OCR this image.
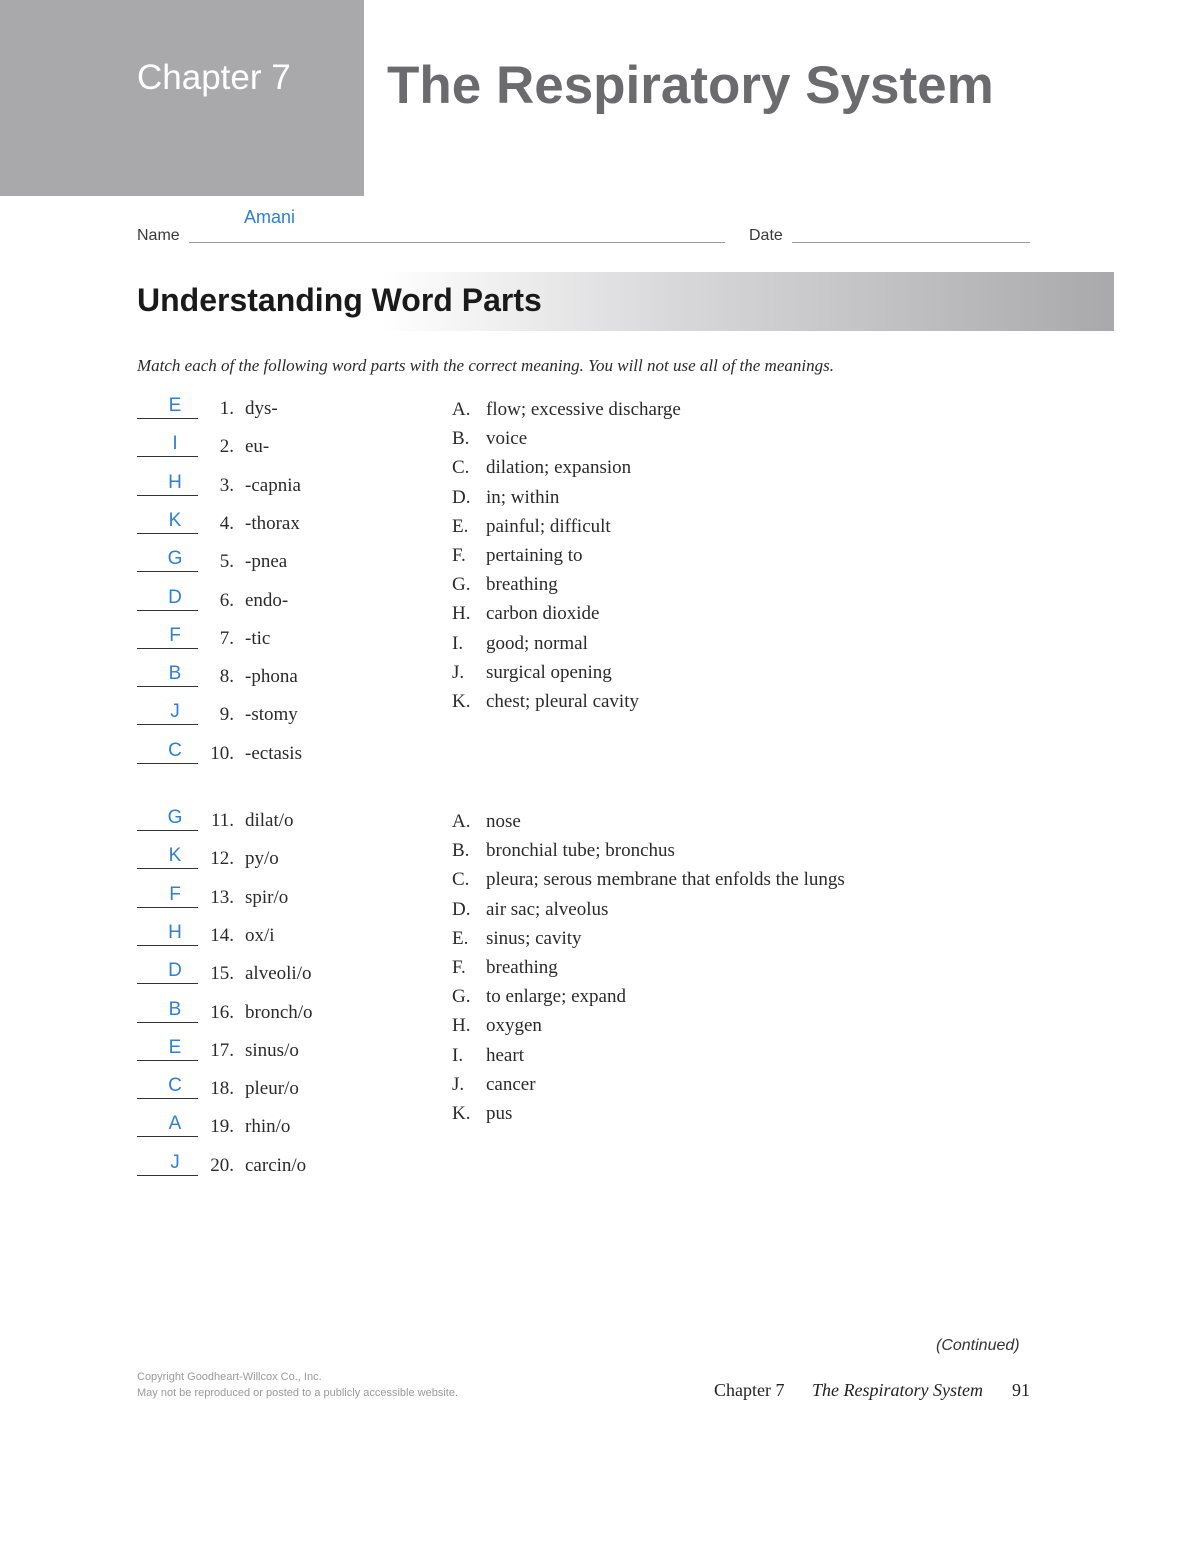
Chapter 7 The Respiratory System
Name
Amani
Date
Understanding Word Parts
Match each of the following word parts with the correct meaning. You will not use all of the meanings.
E	1. dys-
I	2. eu-
H	3. -capnia
K	4. -thorax
G	5. -pnea
D	6. endo-
F	7. -tic
B	8. -phona
J	9. -stomy
C	10. -ectasis
A. flow; excessive discharge
B. voice
C. dilation; expansion
D. in; within
E. painful; difficult
F. pertaining to
G. breathing
H. carbon dioxide
I. good; normal
J. surgical opening
K. chest; pleural cavity
G	11. dilat/o
K	12. py/o
F	13. spir/o
H	14. ox/i
D	15. alveoli/o
B	16. bronch/o
E	17. sinus/o
C	18. pleur/o
A	19. rhin/o
J	20. carcin/o
A. nose
B. bronchial tube; bronchus
C. pleura; serous membrane that enfolds the lungs
D. air sac; alveolus
E. sinus; cavity
F. breathing
G. to enlarge; expand
H. oxygen
I. heart
J. cancer
K. pus
(Continued)
Copyright Goodheart-Willcox Co., Inc.
May not be reproduced or posted to a publicly accessible website.	Chapter 7 The Respiratory System 91
